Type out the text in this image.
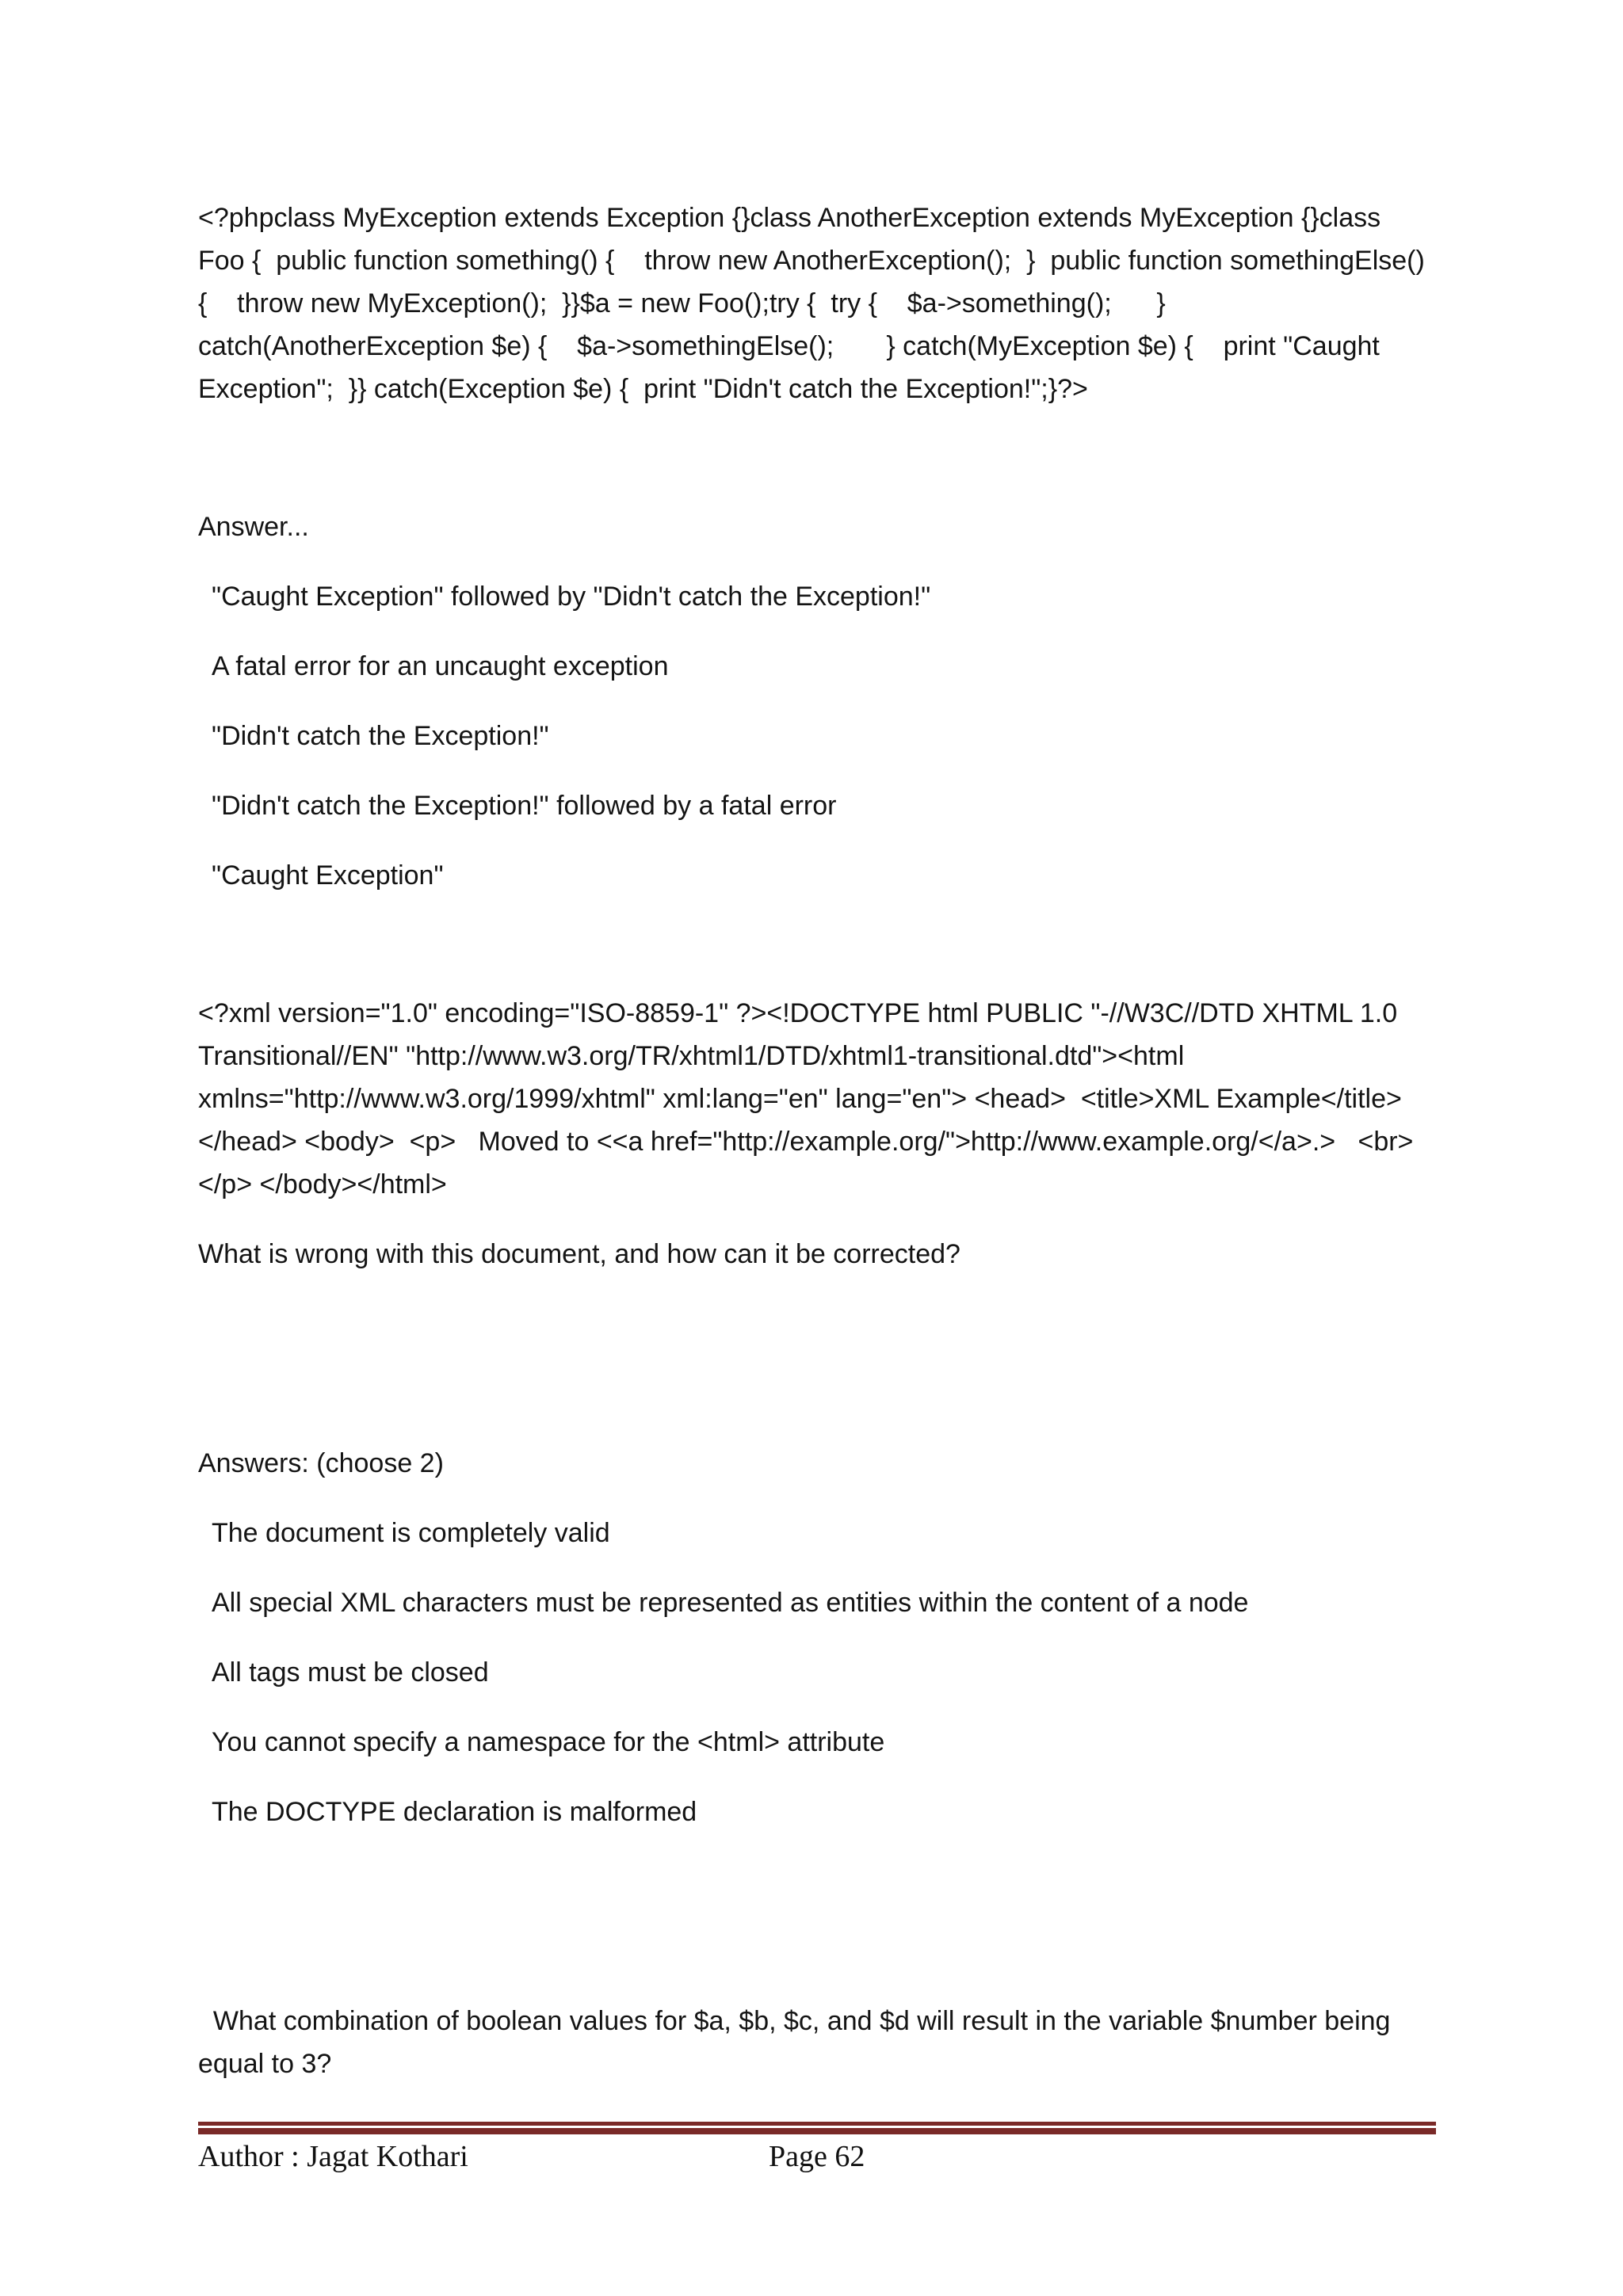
<?phpclass MyException extends Exception {}class AnotherException extends MyException {}class Foo {  public function something() {    throw new AnotherException();  }  public function somethingElse() {    throw new MyException();  }}$a = new Foo();try {  try {    $a->something();      } catch(AnotherException $e) {    $a->somethingElse();       } catch(MyException $e) {    print "Caught Exception";  }} catch(Exception $e) {  print "Didn't catch the Exception!";}?>

Answer...

"Caught Exception" followed by "Didn't catch the Exception!"

A fatal error for an uncaught exception

"Didn't catch the Exception!"

"Didn't catch the Exception!" followed by a fatal error

"Caught Exception"

<?xml version="1.0" encoding="ISO-8859-1" ?><!DOCTYPE html PUBLIC "-//W3C//DTD XHTML 1.0 Transitional//EN" "http://www.w3.org/TR/xhtml1/DTD/xhtml1-transitional.dtd"><html xmlns="http://www.w3.org/1999/xhtml" xml:lang="en" lang="en"> <head>  <title>XML Example</title> </head> <body>  <p>   Moved to <<a href="http://example.org/">http://www.example.org/</a>.>   <br>  </p> </body></html>

What is wrong with this document, and how can it be corrected?

Answers: (choose 2)

The document is completely valid

All special XML characters must be represented as entities within the content of a node

All tags must be closed

You cannot specify a namespace for the <html> attribute

The DOCTYPE declaration is malformed

What combination of boolean values for $a, $b, $c, and $d will result in the variable $number being equal to 3?

Author : Jagat Kothari	Page 62
